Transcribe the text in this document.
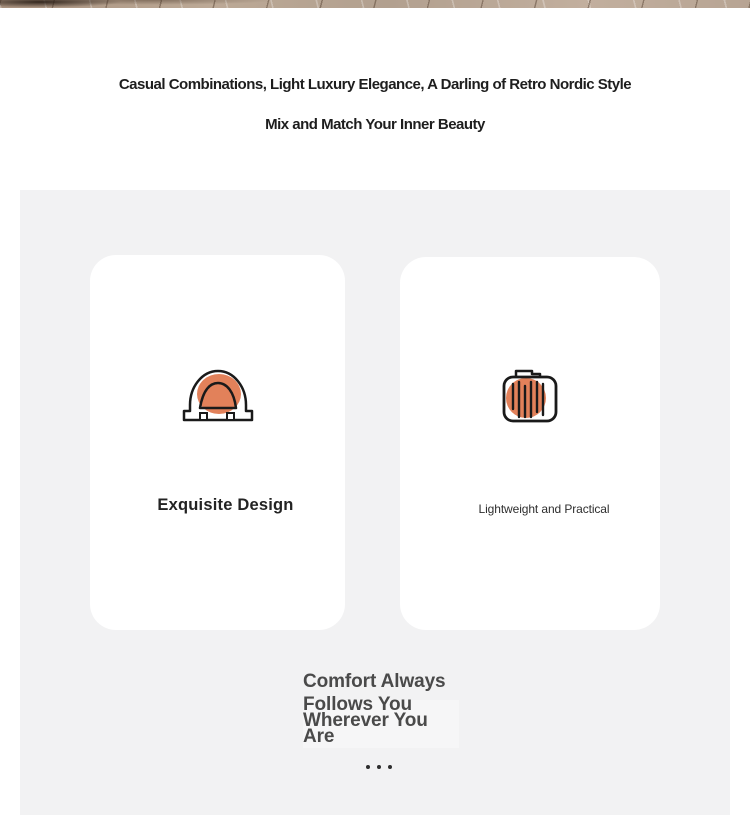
Casual Combinations, Light Luxury Elegance, A Darling of Retro Nordic Style
Mix and Match Your Inner Beauty
Exquisite Design	Lightweight and Practical
Comfort Always
Follows You
Wherever You
Are
